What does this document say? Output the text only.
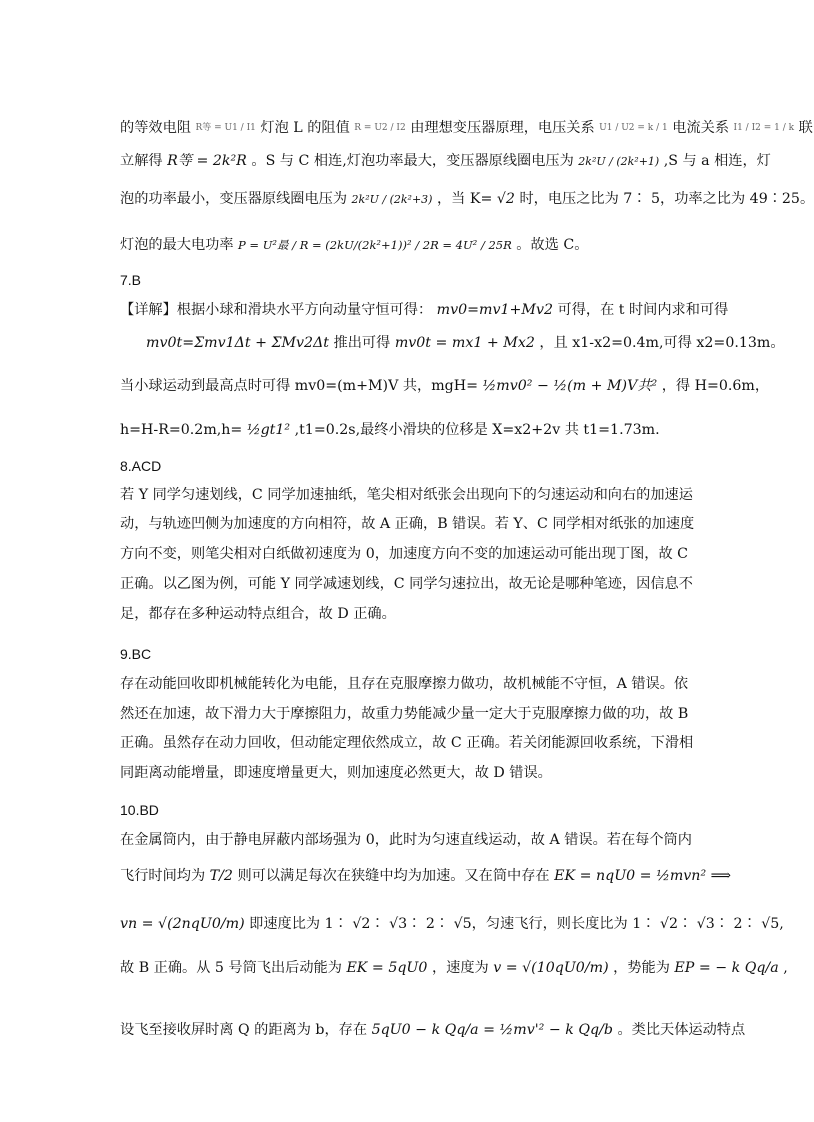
的等效电阻 R等 = U1 / I1 灯泡 L 的阻值 R = U2 / I2 由理想变压器原理，电压关系 U1 / U2 = k / 1 电流关系 I1 / I2 = 1 / k 联
立解得 R等 = 2k²R 。S 与 C 相连,灯泡功率最大，变压器原线圈电压为 2k²U / (2k²+1) ,S 与 a 相连，灯
泡的功率最小，变压器原线圈电压为 2k²U / (2k²+3) ，当 K= √2 时，电压之比为 7∶ 5，功率之比为 49∶25。
灯泡的最大电功率 P = U²最 / R = (2kU/(2k²+1))² / 2R = 4U² / 25R 。故选 C。
7.B
【详解】根据小球和滑块水平方向动量守恒可得： mv0=mv1+Mv2 可得，在 t 时间内求和可得
mv0t=Σmv1Δt + ΣMv2Δt 推出可得 mv0t = mx1 + Mx2 ，且 x1-x2=0.4m,可得 x2=0.13m。
当小球运动到最高点时可得 mv0=(m+M)V 共，mgH= ½mv0² − ½(m + M)V共² ，得 H=0.6m，
h=H-R=0.2m,h= ½gt1² ,t1=0.2s,最终小滑块的位移是 X=x2+2v 共 t1=1.73m.
8.ACD
若 Y 同学匀速划线，C 同学加速抽纸，笔尖相对纸张会出现向下的匀速运动和向右的加速运
动，与轨迹凹侧为加速度的方向相符，故 A 正确，B 错误。若 Y、C 同学相对纸张的加速度
方向不变，则笔尖相对白纸做初速度为 0，加速度方向不变的加速运动可能出现丁图，故 C
正确。以乙图为例，可能 Y 同学减速划线，C 同学匀速拉出，故无论是哪种笔迹，因信息不
足，都存在多种运动特点组合，故 D 正确。
9.BC
存在动能回收即机械能转化为电能，且存在克服摩擦力做功，故机械能不守恒，A 错误。依
然还在加速，故下滑力大于摩擦阻力，故重力势能减少量一定大于克服摩擦力做的功，故 B
正确。虽然存在动力回收，但动能定理依然成立，故 C 正确。若关闭能源回收系统，下滑相
同距离动能增量，即速度增量更大，则加速度必然更大，故 D 错误。
10.BD
在金属筒内，由于静电屏蔽内部场强为 0，此时为匀速直线运动，故 A 错误。若在每个筒内
飞行时间均为 T/2 则可以满足每次在狭缝中均为加速。又在筒中存在 EK = nqU0 = ½mvn² ⟹
vn = √(2nqU0/m) 即速度比为 1∶ √2∶ √3∶ 2∶ √5，匀速飞行，则长度比为 1∶ √2∶ √3∶ 2∶ √5,
故 B 正确。从 5 号筒飞出后动能为 EK = 5qU0 ，速度为 v = √(10qU0/m) ，势能为 EP = − k Qq/a ,
设飞至接收屏时离 Q 的距离为 b，存在 5qU0 − k Qq/a = ½mv'² − k Qq/b 。类比天体运动特点
